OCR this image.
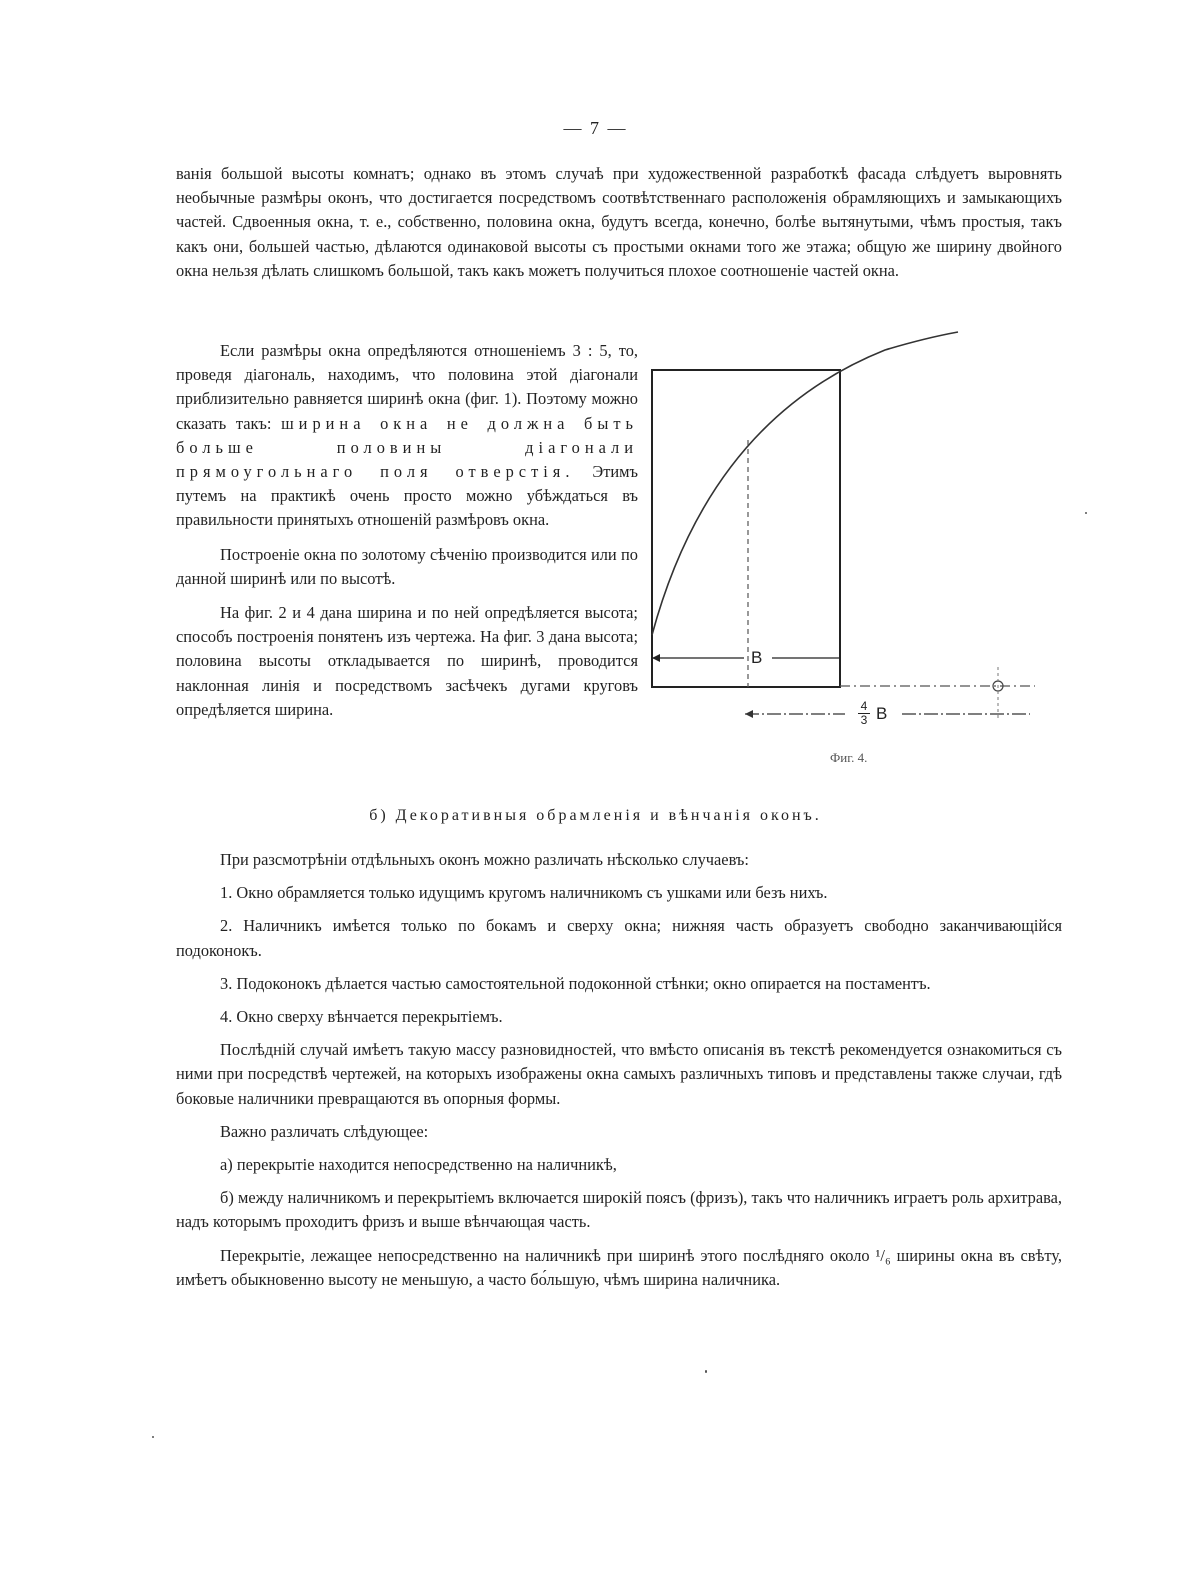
— 7 —

ванія большой высоты комнатъ; однако въ этомъ случаѣ при художественной разработкѣ фасада слѣдуетъ выровнять необычные размѣры оконъ, что достигается посредствомъ соотвѣтственнаго расположенія обрамляющихъ и замыкающихъ частей. Сдвоенныя окна, т. е., собственно, половина окна, будутъ всегда, конечно, болѣе вытянутыми, чѣмъ простыя, такъ какъ они, большей частью, дѣлаются одинаковой высоты съ простыми окнами того же этажа; общую же ширину двойного окна нельзя дѣлать слишкомъ большой, такъ какъ можетъ получиться плохое соотношеніе частей окна.

Если размѣры окна опредѣляются отношеніемъ 3 : 5, то, проведя діагональ, находимъ, что половина этой діагонали приблизительно равняется ширинѣ окна (фиг. 1). Поэтому можно сказать такъ: ширина окна не должна быть больше половины діагонали прямоугольнаго поля отверстія. Этимъ путемъ на практикѣ очень просто можно убѣждаться въ правильности принятыхъ отношеній размѣровъ окна.

Построеніе окна по золотому сѣченію производится или по данной ширинѣ или по высотѣ.

На фиг. 2 и 4 дана ширина и по ней опредѣляется высота; способъ построенія понятенъ изъ чертежа. На фиг. 3 дана высота; половина высоты откладывается по ширинѣ, проводится наклонная линія и посредствомъ засѣчекъ дугами круговъ опредѣляется ширина.

B
$\frac{4}{3}$ B
Фиг. 4.
б) Декоративныя обрамленія и вѣнчанія оконъ.

При разсмотрѣніи отдѣльныхъ оконъ можно различать нѣсколько случаевъ:

1. Окно обрамляется только идущимъ кругомъ наличникомъ съ ушками или безъ нихъ.

2. Наличникъ имѣется только по бокамъ и сверху окна; нижняя часть образуетъ свободно заканчивающійся подоконокъ.

3. Подоконокъ дѣлается частью самостоятельной подоконной стѣнки; окно опирается на постаментъ.

4. Окно сверху вѣнчается перекрытіемъ.

Послѣдній случай имѣетъ такую массу разновидностей, что вмѣсто описанія въ текстѣ рекомендуется ознакомиться съ ними при посредствѣ чертежей, на которыхъ изображены окна самыхъ различныхъ типовъ и представлены также случаи, гдѣ боковые наличники превращаются въ опорныя формы.

Важно различать слѣдующее:

а) перекрытіе находится непосредственно на наличникѣ,

б) между наличникомъ и перекрытіемъ включается широкій поясъ (фризъ), такъ что наличникъ играетъ роль архитрава, надъ которымъ проходитъ фризъ и выше вѣнчающая часть.

Перекрытіе, лежащее непосредственно на наличникѣ при ширинѣ этого послѣдняго около ¹/₆ ширины окна въ свѣту, имѣетъ обыкновенно высоту не меньшую, а часто бо́льшую, чѣмъ ширина наличника.
